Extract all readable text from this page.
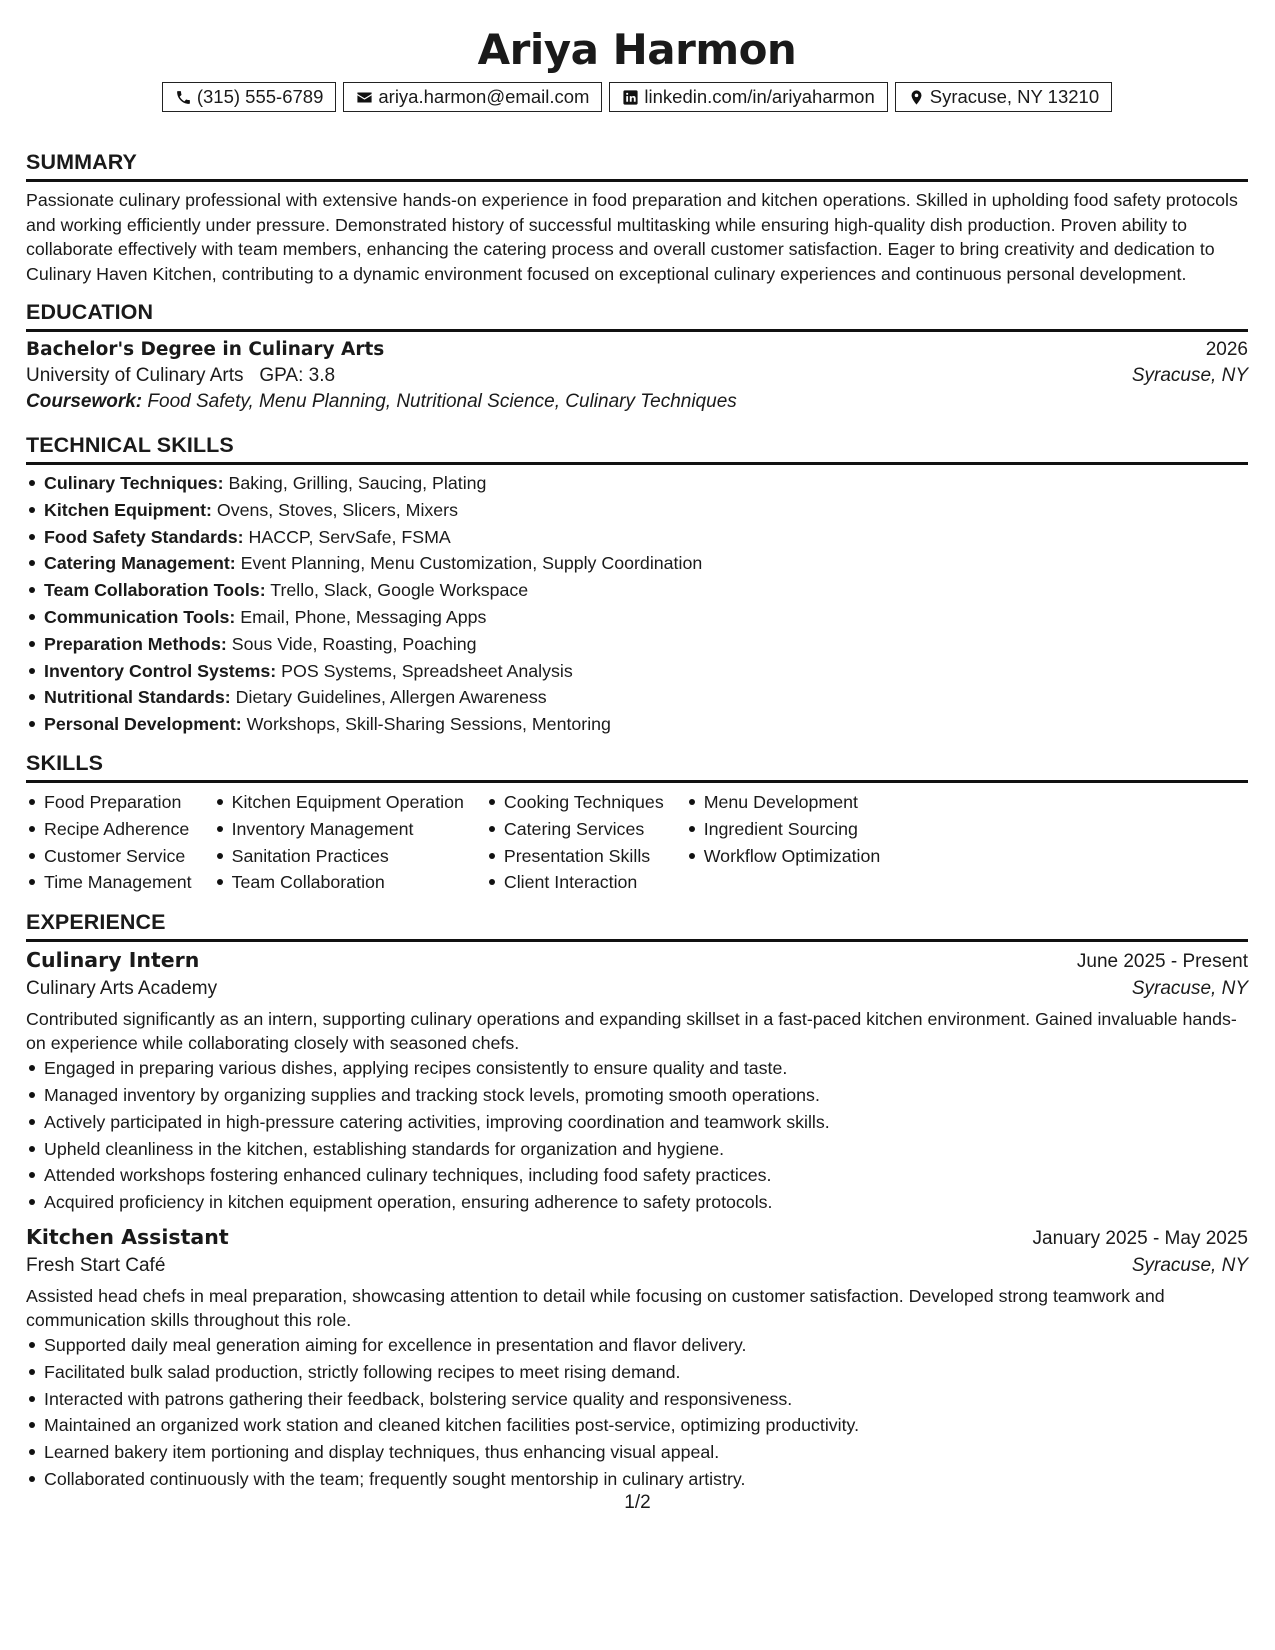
Ariya Harmon
(315) 555-6789	ariya.harmon@email.com	linkedin.com/in/ariyaharmon	Syracuse, NY 13210
SUMMARY
Passionate culinary professional with extensive hands-on experience in food preparation and kitchen operations. Skilled in upholding food safety protocols and working efficiently under pressure. Demonstrated history of successful multitasking while ensuring high-quality dish production. Proven ability to collaborate effectively with team members, enhancing the catering process and overall customer satisfaction. Eager to bring creativity and dedication to Culinary Haven Kitchen, contributing to a dynamic environment focused on exceptional culinary experiences and continuous personal development.
EDUCATION
Bachelor's Degree in Culinary Arts	2026
University of Culinary Arts GPA: 3.8	Syracuse, NY
Coursework: Food Safety, Menu Planning, Nutritional Science, Culinary Techniques
TECHNICAL SKILLS
Culinary Techniques: Baking, Grilling, Saucing, Plating
Kitchen Equipment: Ovens, Stoves, Slicers, Mixers
Food Safety Standards: HACCP, ServSafe, FSMA
Catering Management: Event Planning, Menu Customization, Supply Coordination
Team Collaboration Tools: Trello, Slack, Google Workspace
Communication Tools: Email, Phone, Messaging Apps
Preparation Methods: Sous Vide, Roasting, Poaching
Inventory Control Systems: POS Systems, Spreadsheet Analysis
Nutritional Standards: Dietary Guidelines, Allergen Awareness
Personal Development: Workshops, Skill-Sharing Sessions, Mentoring
SKILLS
Food Preparation
Recipe Adherence
Customer Service
Time Management
Kitchen Equipment Operation
Inventory Management
Sanitation Practices
Team Collaboration
Cooking Techniques
Catering Services
Presentation Skills
Client Interaction
Menu Development
Ingredient Sourcing
Workflow Optimization
EXPERIENCE
Culinary Intern	June 2025 - Present
Culinary Arts Academy	Syracuse, NY
Contributed significantly as an intern, supporting culinary operations and expanding skillset in a fast-paced kitchen environment. Gained invaluable hands-on experience while collaborating closely with seasoned chefs.
Engaged in preparing various dishes, applying recipes consistently to ensure quality and taste.
Managed inventory by organizing supplies and tracking stock levels, promoting smooth operations.
Actively participated in high-pressure catering activities, improving coordination and teamwork skills.
Upheld cleanliness in the kitchen, establishing standards for organization and hygiene.
Attended workshops fostering enhanced culinary techniques, including food safety practices.
Acquired proficiency in kitchen equipment operation, ensuring adherence to safety protocols.
Kitchen Assistant	January 2025 - May 2025
Fresh Start Café	Syracuse, NY
Assisted head chefs in meal preparation, showcasing attention to detail while focusing on customer satisfaction. Developed strong teamwork and communication skills throughout this role.
Supported daily meal generation aiming for excellence in presentation and flavor delivery.
Facilitated bulk salad production, strictly following recipes to meet rising demand.
Interacted with patrons gathering their feedback, bolstering service quality and responsiveness.
Maintained an organized work station and cleaned kitchen facilities post-service, optimizing productivity.
Learned bakery item portioning and display techniques, thus enhancing visual appeal.
Collaborated continuously with the team; frequently sought mentorship in culinary artistry.
1/2
